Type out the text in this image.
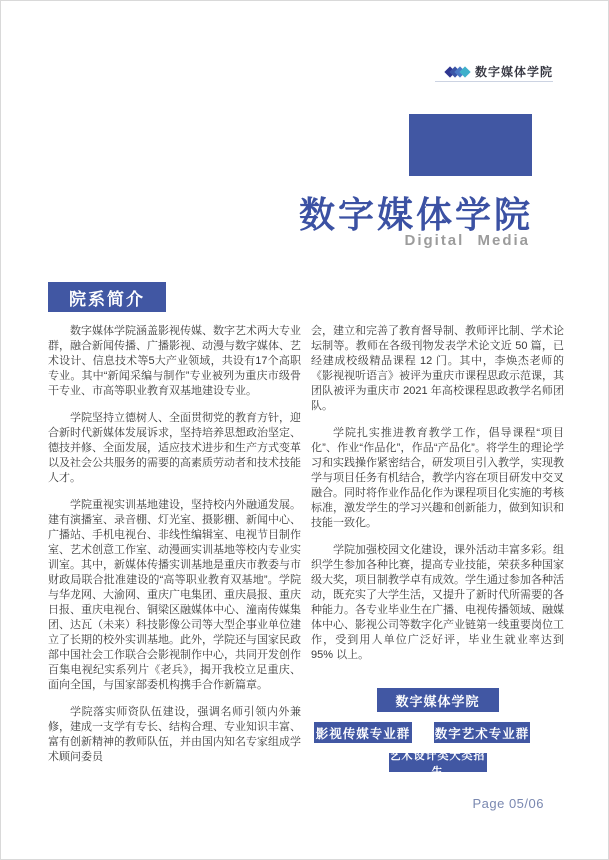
数字媒体学院
数字媒体学院
Digital Media
院系简介

数字媒体学院涵盖影视传媒、数字艺术两大专业群，融合新闻传播、广播影视、动漫与数字媒体、艺术设计、信息技术等5大产业领域，共设有17个高职专业。其中“新闻采编与制作”专业被列为重庆市级骨干专业、市高等职业教育双基地建设专业。

学院坚持立德树人、全面贯彻党的教育方针，迎合新时代新媒体发展诉求，坚持培养思想政治坚定、德技并修、全面发展，适应技术进步和生产方式变革以及社会公共服务的需要的高素质劳动者和技术技能人才。

学院重视实训基地建设，坚持校内外融通发展。建有演播室、录音棚、灯光室、摄影棚、新闻中心、广播站、手机电视台、非线性编辑室、电视节目制作室、艺术创意工作室、动漫画实训基地等校内专业实训室。其中，新媒体传播实训基地是重庆市教委与市财政局联合批准建设的“高等职业教育双基地”。学院与华龙网、大渝网、重庆广电集团、重庆晨报、重庆日报、重庆电视台、铜梁区融媒体中心、潼南传媒集团、达瓦（未来）科技影像公司等大型企事业单位建立了长期的校外实训基地。此外，学院还与国家民政部中国社会工作联合会影视制作中心，共同开发创作百集电视纪实系列片《老兵》，揭开我校立足重庆、面向全国，与国家部委机构携手合作新篇章。

学院落实师资队伍建设，强调名师引领内外兼修，建成一支学有专长、结构合理、专业知识丰富、富有创新精神的教师队伍，并由国内知名专家组成学术顾问委员

会，建立和完善了教育督导制、教师评比制、学术论坛制等。教师在各级刊物发表学术论文近 50 篇，已经建成校级精品课程 12 门。其中，李焕杰老师的《影视视听语言》被评为重庆市课程思政示范课，其团队被评为重庆市 2021 年高校课程思政教学名师团队。

学院扎实推进教育教学工作，倡导课程“项目化”、作业“作品化”，作品“产品化”。将学生的理论学习和实践操作紧密结合，研发项目引入教学，实现教学与项目任务有机结合，教学内容在项目研发中交叉融合。同时将作业作品化作为课程项目化实施的考核标准，激发学生的学习兴趣和创新能力，做到知识和技能一致化。

学院加强校园文化建设，课外活动丰富多彩。组织学生参加各种比赛，提高专业技能，荣获多种国家级大奖，项目制教学卓有成效。学生通过参加各种活动，既充实了大学生活，又提升了新时代所需要的各种能力。各专业毕业生在广播、电视传播领域、融媒体中心、影视公司等数字化产业链第一线重要岗位工作，受到用人单位广泛好评，毕业生就业率达到 95% 以上。

数字媒体学院
影视传媒专业群 数字艺术专业群
艺术设计类大类招生
Page 05/06
